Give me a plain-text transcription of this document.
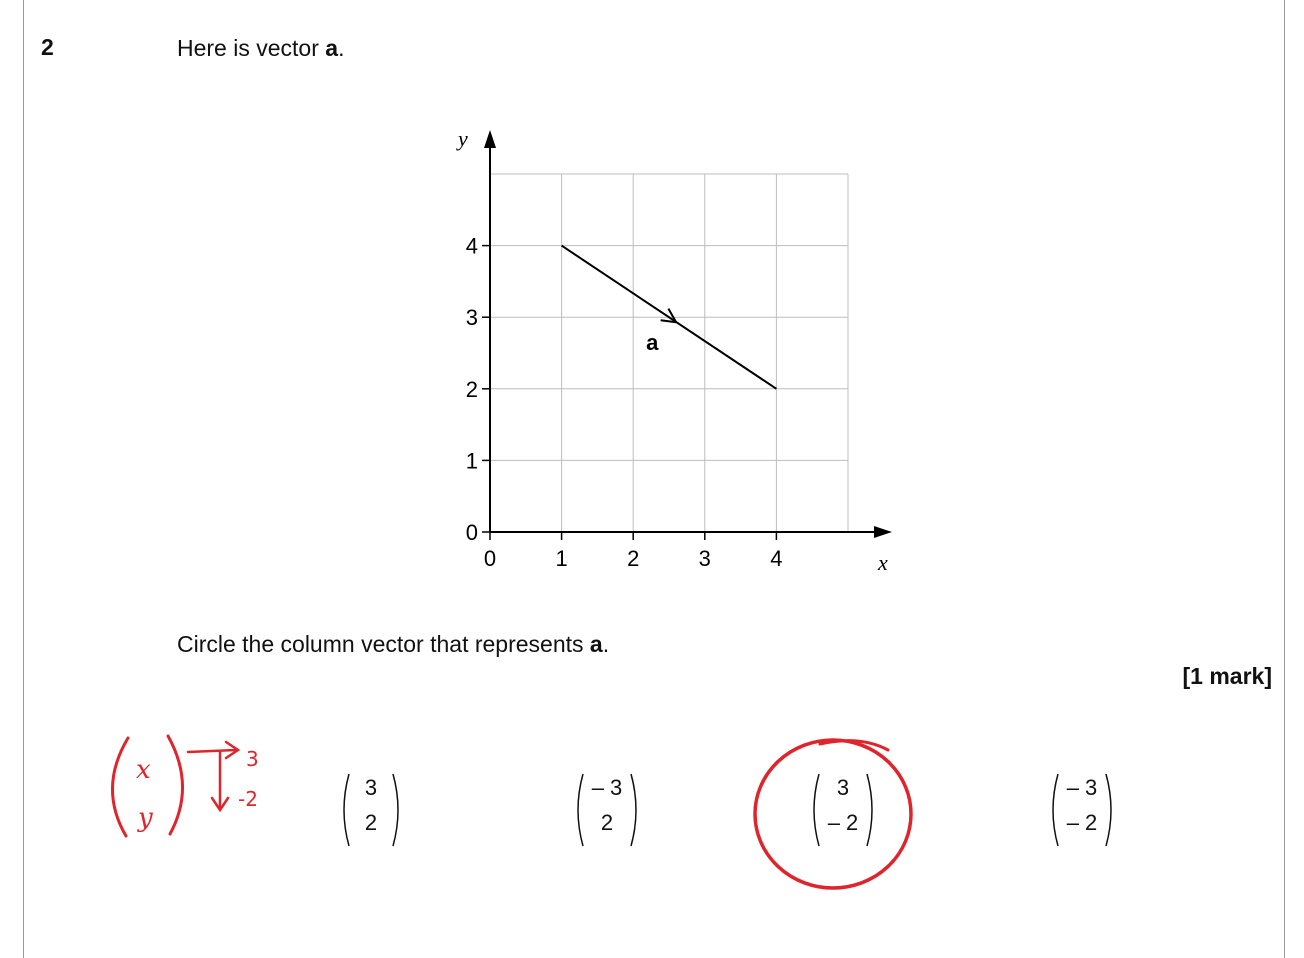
2	Here is vector a.
0	1	2	3	4
0
1
2
3
4
x
y
a
Circle the column vector that represents a.
[1 mark]
3
2
– 3
2
3
– 2
– 3
– 2
x
y
3
-2
